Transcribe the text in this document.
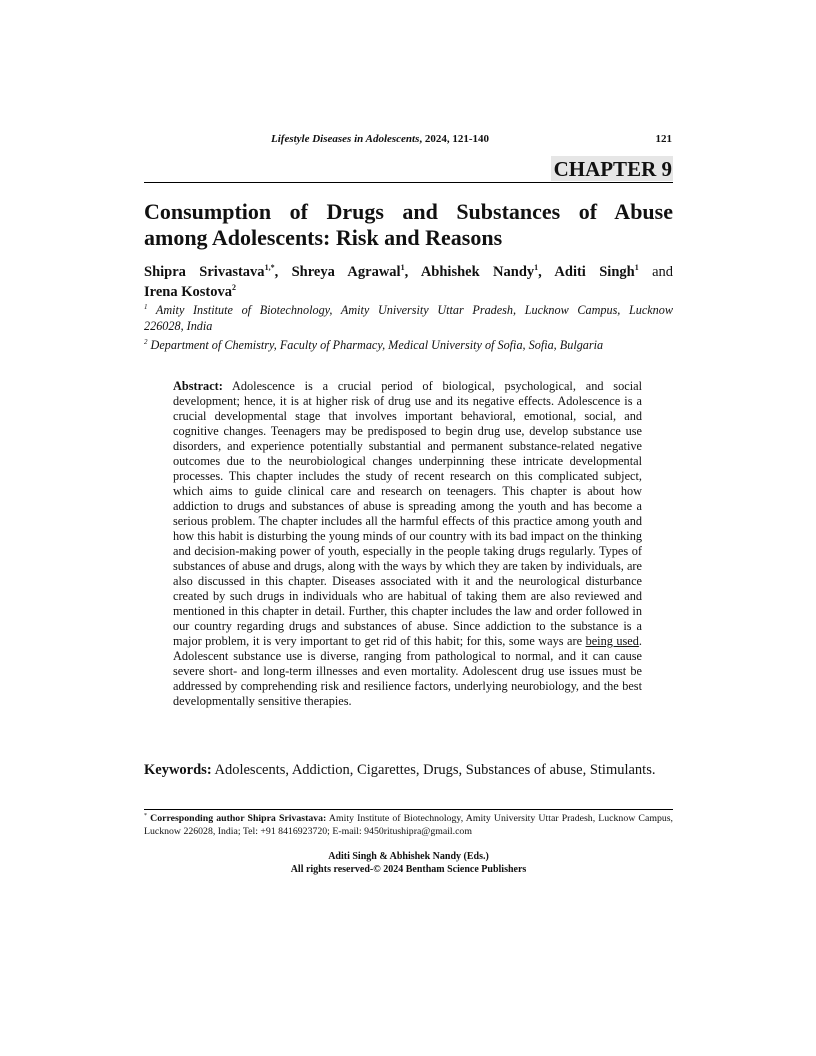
Lifestyle Diseases in Adolescents, 2024, 121-140	121
CHAPTER 9
Consumption of Drugs and Substances of Abuse
among Adolescents: Risk and Reasons
Shipra Srivastava$^{1,*}$, Shreya Agrawal$^1$, Abhishek Nandy$^1$, Aditi Singh$^1$ and
Irena Kostova$^2$
$^1$ Amity Institute of Biotechnology, Amity University Uttar Pradesh, Lucknow Campus, Lucknow
226028, India
$^2$ Department of Chemistry, Faculty of Pharmacy, Medical University of Sofia, Sofia, Bulgaria
Abstract: Adolescence is a crucial period of biological, psychological, and social development; hence, it is at higher risk of drug use and its negative effects. Adolescence is a crucial developmental stage that involves important behavioral, emotional, social, and cognitive changes. Teenagers may be predisposed to begin drug use, develop substance use disorders, and experience potentially substantial and permanent substance-related negative outcomes due to the neurobiological changes underpinning these intricate developmental processes. This chapter includes the study of recent research on this complicated subject, which aims to guide clinical care and research on teenagers. This chapter is about how addiction to drugs and substances of abuse is spreading among the youth and has become a serious problem. The chapter includes all the harmful effects of this practice among youth and how this habit is disturbing the young minds of our country with its bad impact on the thinking and decision-making power of youth, especially in the people taking drugs regularly. Types of substances of abuse and drugs, along with the ways by which they are taken by individuals, are also discussed in this chapter. Diseases associated with it and the neurological disturbance created by such drugs in individuals who are habitual of taking them are also reviewed and mentioned in this chapter in detail. Further, this chapter includes the law and order followed in our country regarding drugs and substances of abuse. Since addiction to the substance is a major problem, it is very important to get rid of this habit; for this, some ways are being used. Adolescent substance use is diverse, ranging from pathological to normal, and it can cause severe short- and long-term illnesses and even mortality. Adolescent drug use issues must be addressed by comprehending risk and resilience factors, underlying neurobiology, and the best developmentally sensitive therapies.
Keywords: Adolescents, Addiction, Cigarettes, Drugs, Substances of abuse, Stimulants.
* Corresponding author Shipra Srivastava: Amity Institute of Biotechnology, Amity University Uttar Pradesh, Lucknow Campus, Lucknow 226028, India; Tel: +91 8416923720; E-mail: 9450ritushipra@gmail.com
Aditi Singh & Abhishek Nandy (Eds.)
All rights reserved-© 2024 Bentham Science Publishers
